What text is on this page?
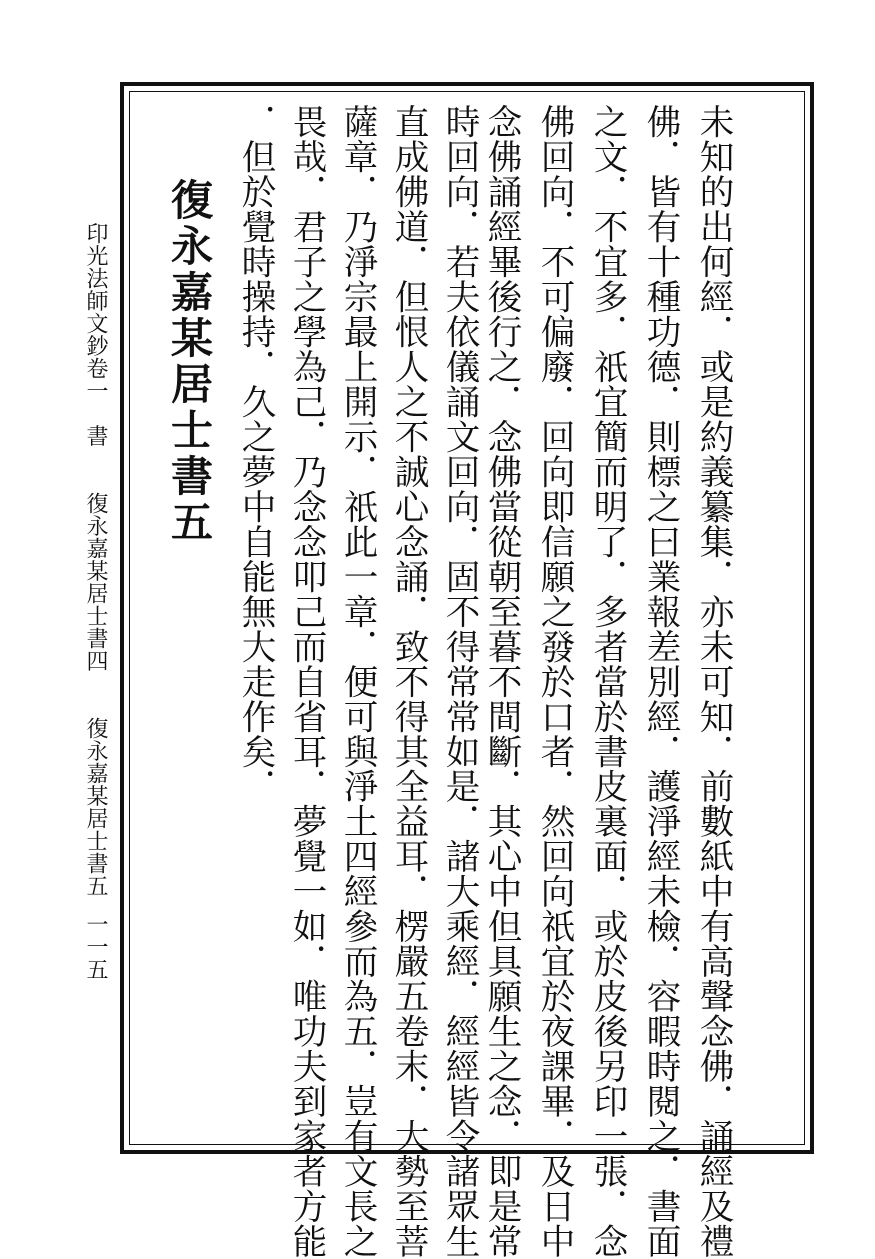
印光法師文鈔卷一　書　　復永嘉某居士書四　　復永嘉某居士書五

一一五

復永嘉某居士書五	未知的出何經．或是約義纂集．亦未可知．前數紙中有高聲念佛．誦經及禮

佛．皆有十種功德．則標之曰業報差別經．護淨經未檢．容暇時閱之．書面

之文．不宜多．祇宜簡而明了．多者當於書皮裏面．或於皮後另印一張．念

佛回向．不可偏廢．回向即信願之發於口者．然回向祇宜於夜課畢．及日中

念佛誦經畢後行之．念佛當從朝至暮不間斷．其心中但具願生之念．即是常

時回向．若夫依儀誦文回向．固不得常常如是．諸大乘經．經經皆令諸眾生

直成佛道．但恨人之不誠心念誦．致不得其全益耳．楞嚴五卷末．大勢至菩

薩章．乃淨宗最上開示．祇此一章．便可與淨土四經參而為五．豈有文長之

畏哉．君子之學為己．乃念念叩己而自省耳．夢覺一如．唯功夫到家者方能

．但於覺時操持．久之夢中自能無大走作矣．
